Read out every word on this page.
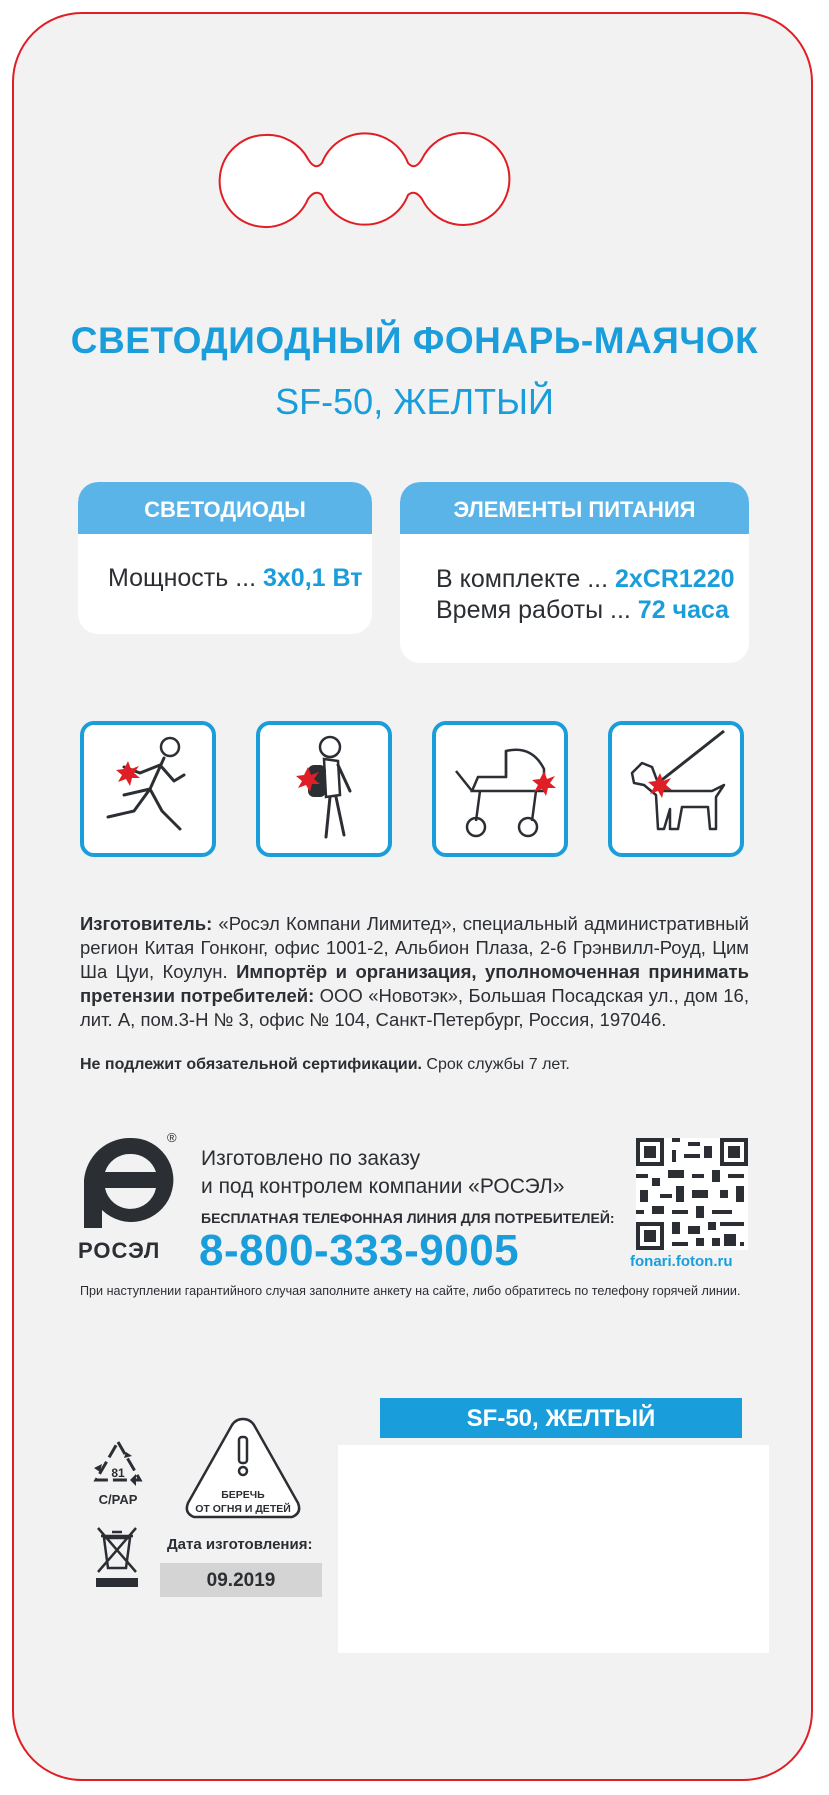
СВЕТОДИОДНЫЙ ФОНАРЬ-МАЯЧОК
SF-50, ЖЕЛТЫЙ
СВЕТОДИОДЫ
Мощность ... 3x0,1 Вт
ЭЛЕМЕНТЫ ПИТАНИЯ
В комплекте ... 2xCR1220
Время работы ... 72 часа
Изготовитель: «Росэл Компани Лимитед», специальный административный регион Китая Гонконг, офис 1001-2, Альбион Плаза, 2-6 Грэнвилл-Роуд, Цим Ша Цуи, Коулун. Импортёр и организация, уполномоченная принимать претензии потребителей: ООО «Новотэк», Большая Посадская ул., дом 16, лит. А, пом.3-Н № 3, офис № 104, Санкт-Петербург, Россия, 197046.
Не подлежит обязательной сертификации. Срок службы 7 лет.
®
РОСЭЛ
Изготовлено по заказу
и под контролем компании «РОСЭЛ»
БЕСПЛАТНАЯ ТЕЛЕФОННАЯ ЛИНИЯ ДЛЯ ПОТРЕБИТЕЛЕЙ:
8-800-333-9005	fonari.foton.ru
При наступлении гарантийного случая заполните анкету на сайте, либо обратитесь по телефону горячей линии.
SF-50, ЖЕЛТЫЙ
81
C/PAP	БЕРЕЧЬ
ОТ ОГНЯ И ДЕТЕЙ
Дата изготовления:
09.2019
